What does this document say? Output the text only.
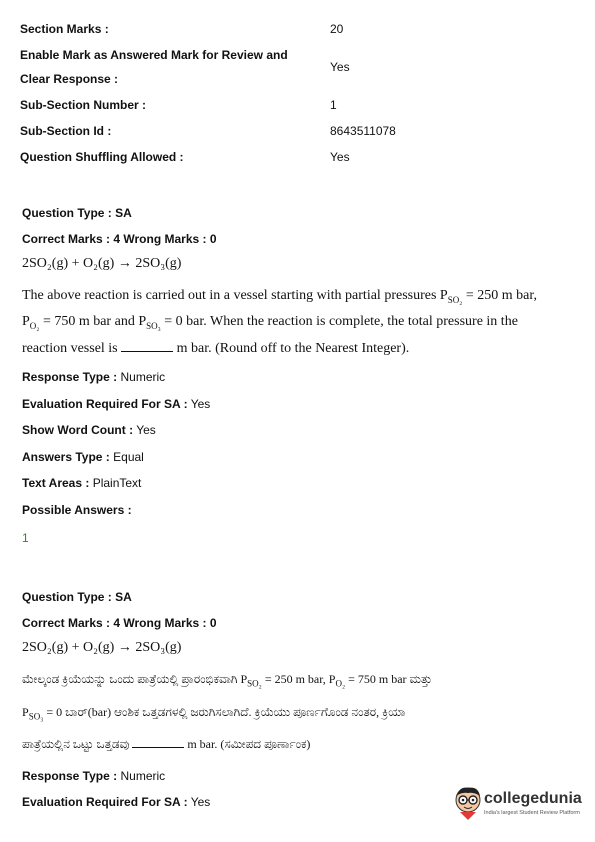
Section Marks :	20
Enable Mark as Answered Mark for Review and
Clear Response :
Yes
Sub-Section Number :	1
Sub-Section Id :	8643511078
Question Shuffling Allowed :	Yes
Question Type : SA
Correct Marks : 4 Wrong Marks : 0
2SO₂(g) + O₂(g) → 2SO₃(g)
The above reaction is carried out in a vessel starting with partial pressures $P_{SO_2} = 250$ m bar,
$P_{O_2} = 750$ m bar and $P_{SO_3} = 0$ bar. When the reaction is complete, the total pressure in the
reaction vessel is	m bar. (Round off to the Nearest Integer).
Response Type : Numeric
Evaluation Required For SA : Yes
Show Word Count : Yes
Answers Type : Equal
Text Areas : PlainText
Possible Answers :
1
Question Type : SA
Correct Marks : 4 Wrong Marks : 0
2SO₂(g) + O₂(g) → 2SO₃(g)
ಮೇಲ್ಕಂಡ ಕ್ರಿಯೆಯನ್ನು ಒಂದು ಪಾತ್ರೆಯಲ್ಲಿ ಪ್ರಾರಂಭಿಕವಾಗಿ $P_{SO_2} = 250$ m bar, $P_{O_2} = 750$ m bar ಮತ್ತು
$P_{SO_3} = 0$ ಬಾರ್(bar) ಆಂಶಿಕ ಒತ್ತಡಗಳಲ್ಲಿ ಜರುಗಿಸಲಾಗಿದೆ. ಕ್ರಿಯೆಯು ಪೂರ್ಣಗೊಂಡ ನಂತರ, ಕ್ರಿಯಾ
ಪಾತ್ರೆಯಲ್ಲಿನ ಒಟ್ಟು ಒತ್ತಡವು	m bar. (ಸಮೀಪದ ಪೂರ್ಣಾಂಕ)
Response Type : Numeric
Evaluation Required For SA : Yes	collegedunia
India's largest Student Review Platform
